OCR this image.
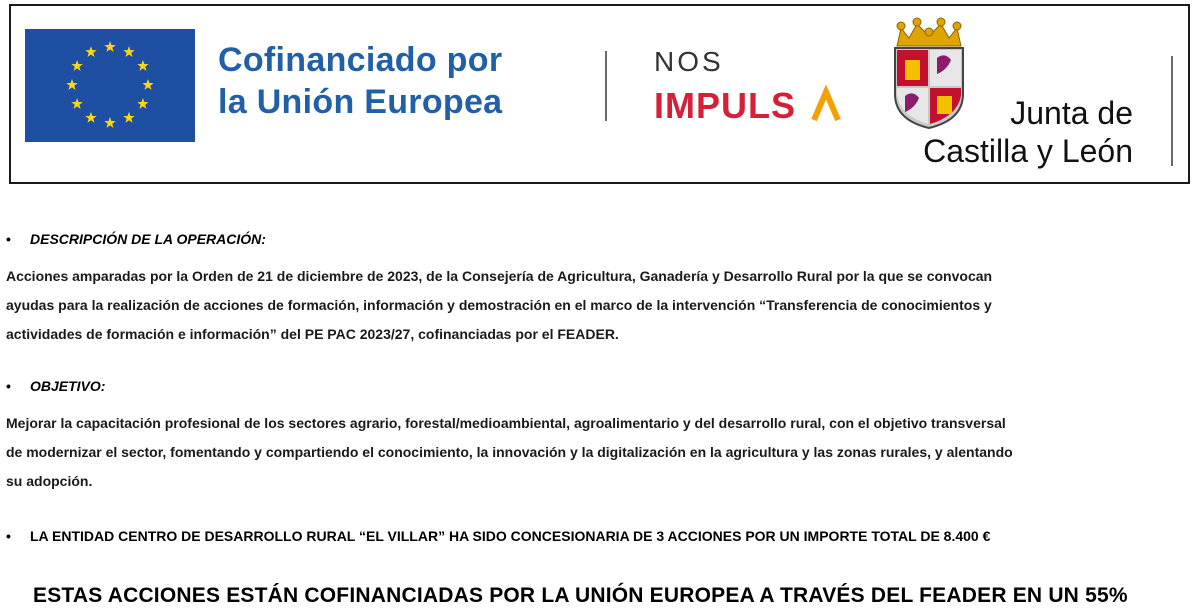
Cofinanciado por
la Unión Europea
NOS
IMPULS	Junta de
Castilla y León
• DESCRIPCIÓN DE LA OPERACIÓN:
Acciones amparadas por la Orden de 21 de diciembre de 2023, de la Consejería de Agricultura, Ganadería y Desarrollo Rural por la que se convocan
ayudas para la realización de acciones de formación, información y demostración en el marco de la intervención “Transferencia de conocimientos y
actividades de formación e información” del PE PAC 2023/27, cofinanciadas por el FEADER.
• OBJETIVO:
Mejorar la capacitación profesional de los sectores agrario, forestal/medioambiental, agroalimentario y del desarrollo rural, con el objetivo transversal
de modernizar el sector, fomentando y compartiendo el conocimiento, la innovación y la digitalización en la agricultura y las zonas rurales, y alentando
su adopción.
• LA ENTIDAD CENTRO DE DESARROLLO RURAL “EL VILLAR” HA SIDO CONCESIONARIA DE 3 ACCIONES POR UN IMPORTE TOTAL DE 8.400 €
ESTAS ACCIONES ESTÁN COFINANCIADAS POR LA UNIÓN EUROPEA A TRAVÉS DEL FEADER EN UN 55%
